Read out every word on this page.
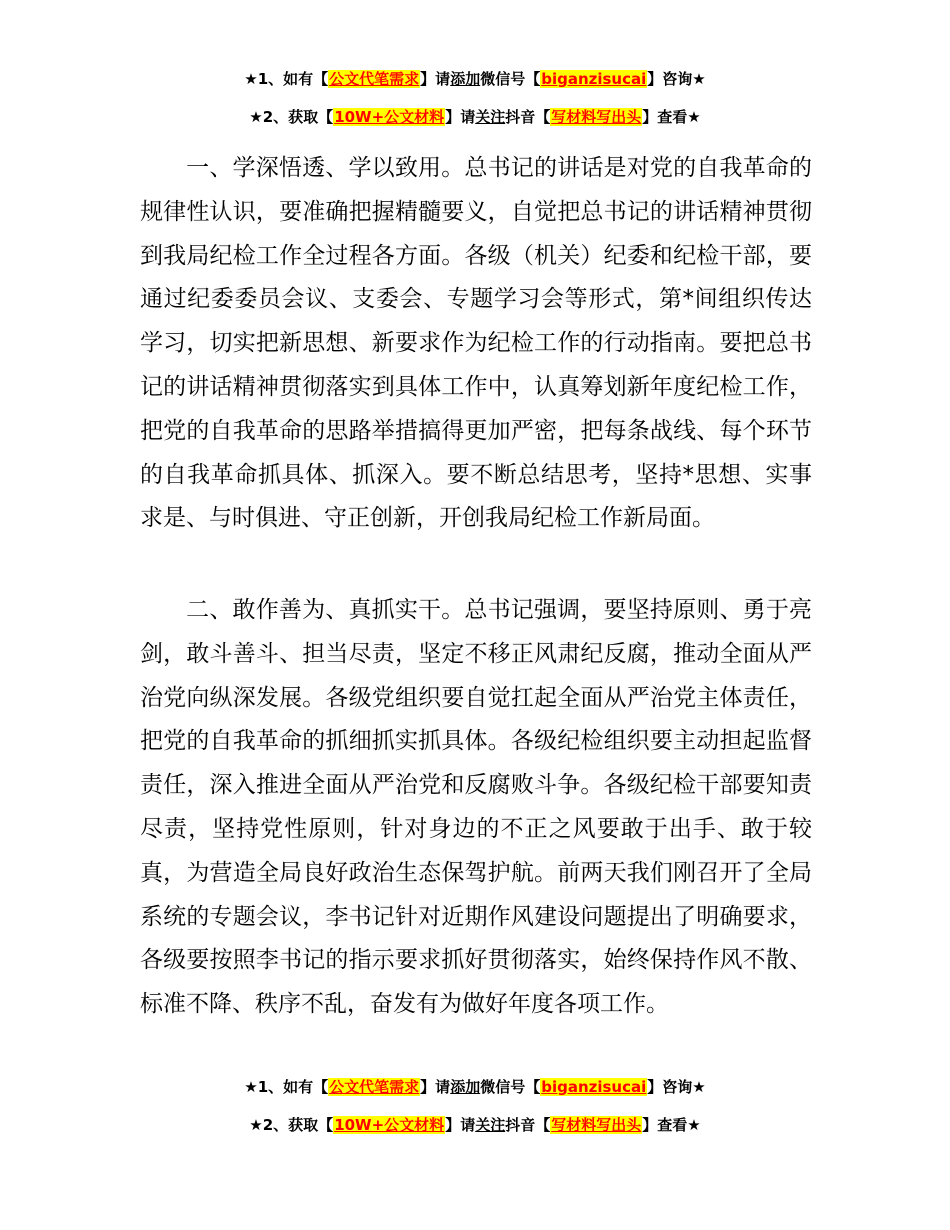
★1、如有【公文代笔需求】请添加微信号【biganzisucai】咨询★
★2、获取【10W+公文材料】请关注抖音【写材料写出头】查看★

一、学深悟透、学以致用。总书记的讲话是对党的自我革命的规律性认识，要准确把握精髓要义，自觉把总书记的讲话精神贯彻到我局纪检工作全过程各方面。各级（机关）纪委和纪检干部，要通过纪委委员会议、支委会、专题学习会等形式，第*间组织传达学习，切实把新思想、新要求作为纪检工作的行动指南。要把总书记的讲话精神贯彻落实到具体工作中，认真筹划新年度纪检工作，把党的自我革命的思路举措搞得更加严密，把每条战线、每个环节的自我革命抓具体、抓深入。要不断总结思考，坚持*思想、实事求是、与时俱进、守正创新，开创我局纪检工作新局面。

二、敢作善为、真抓实干。总书记强调，要坚持原则、勇于亮剑，敢斗善斗、担当尽责，坚定不移正风肃纪反腐，推动全面从严治党向纵深发展。各级党组织要自觉扛起全面从严治党主体责任，把党的自我革命的抓细抓实抓具体。各级纪检组织要主动担起监督责任，深入推进全面从严治党和反腐败斗争。各级纪检干部要知责尽责，坚持党性原则，针对身边的不正之风要敢于出手、敢于较真，为营造全局良好政治生态保驾护航。前两天我们刚召开了全局系统的专题会议，李书记针对近期作风建设问题提出了明确要求，各级要按照李书记的指示要求抓好贯彻落实，始终保持作风不散、标准不降、秩序不乱，奋发有为做好年度各项工作。

★1、如有【公文代笔需求】请添加微信号【biganzisucai】咨询★
★2、获取【10W+公文材料】请关注抖音【写材料写出头】查看★
